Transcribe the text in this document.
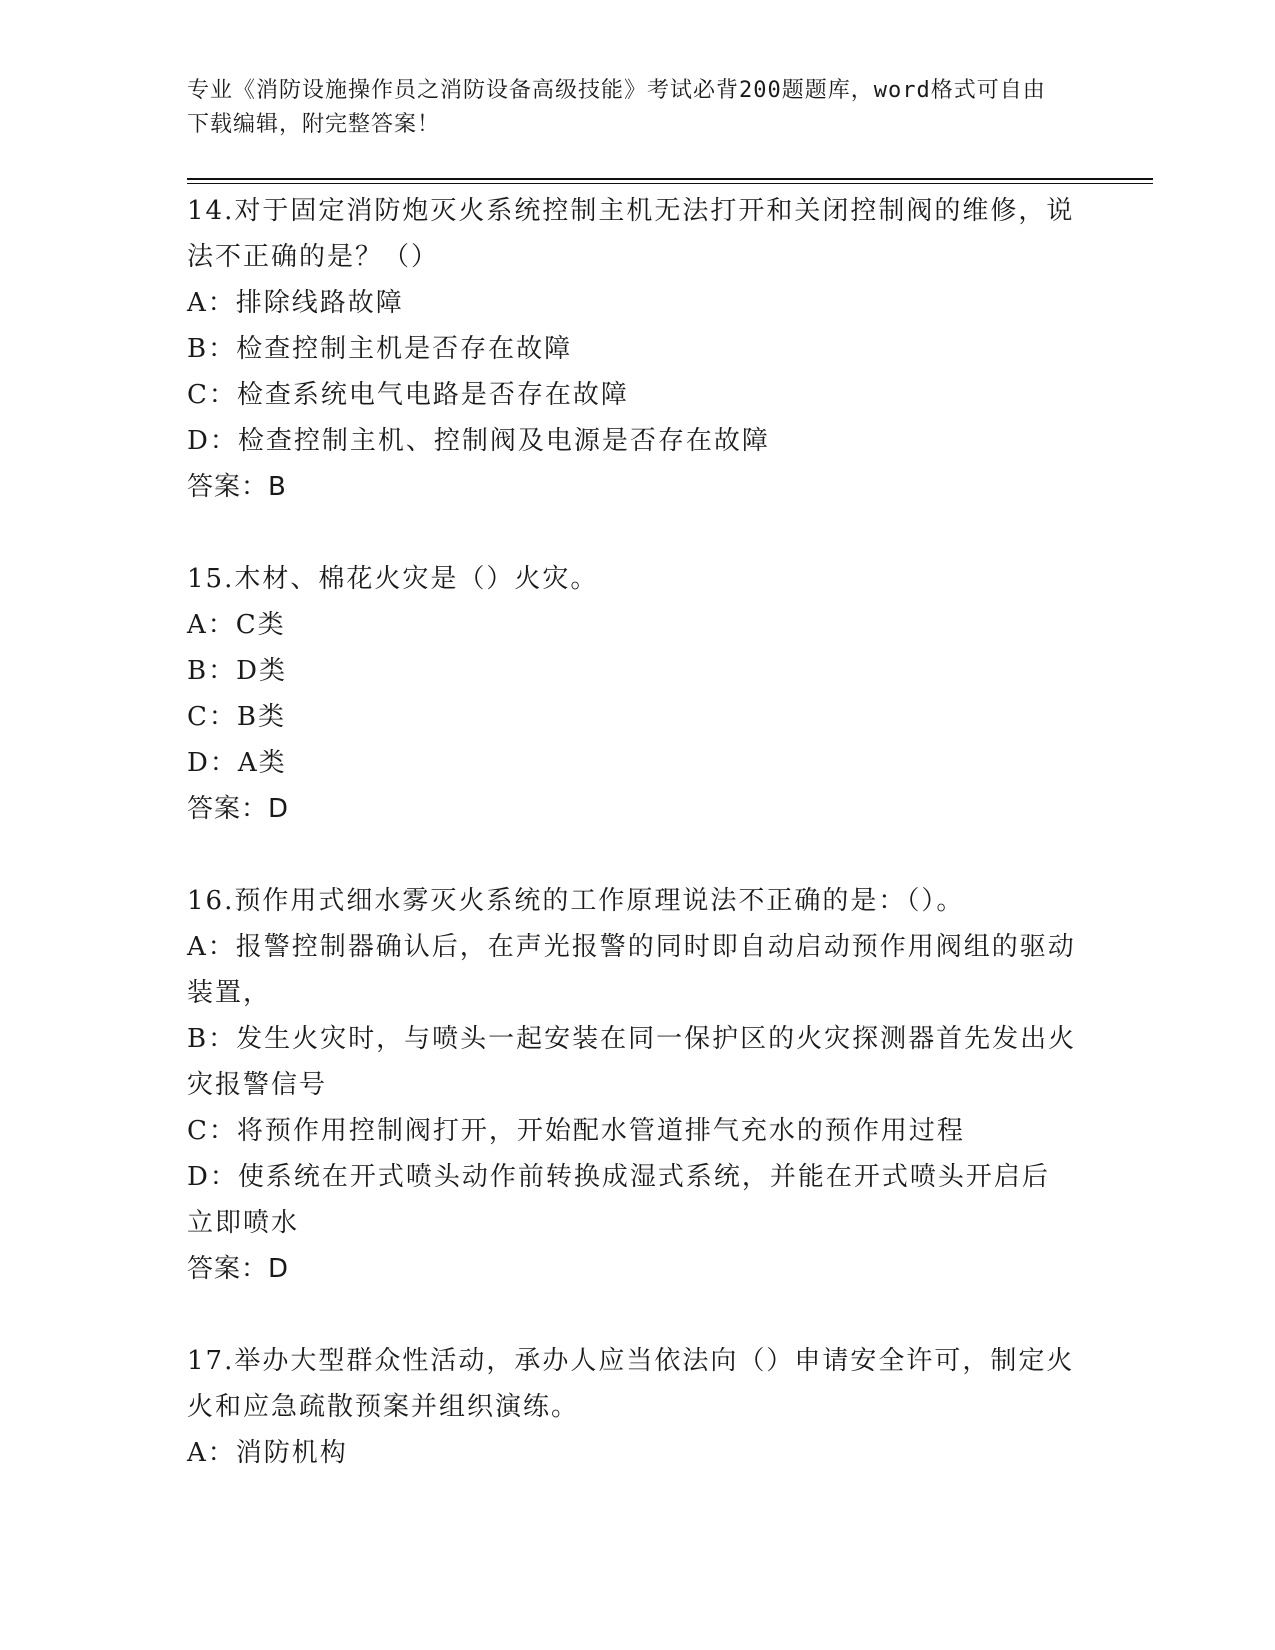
专业《消防设施操作员之消防设备高级技能》考试必背200题题库，word格式可自由下载编辑，附完整答案！
14.对于固定消防炮灭火系统控制主机无法打开和关闭控制阀的维修，说法不正确的是？（）
A：排除线路故障
B：检查控制主机是否存在故障
C：检查系统电气电路是否存在故障
D：检查控制主机、控制阀及电源是否存在故障
答案：B
15.木材、棉花火灾是（）火灾。
A：C类
B：D类
C：B类
D：A类
答案：D
16.预作用式细水雾灭火系统的工作原理说法不正确的是：（）。
A：报警控制器确认后，在声光报警的同时即自动启动预作用阀组的驱动装置，
B：发生火灾时，与喷头一起安装在同一保护区的火灾探测器首先发出火灾报警信号
C：将预作用控制阀打开，开始配水管道排气充水的预作用过程
D：使系统在开式喷头动作前转换成湿式系统，并能在开式喷头开启后立即喷水
答案：D
17.举办大型群众性活动，承办人应当依法向（）申请安全许可，制定火火和应急疏散预案并组织演练。
A：消防机构
